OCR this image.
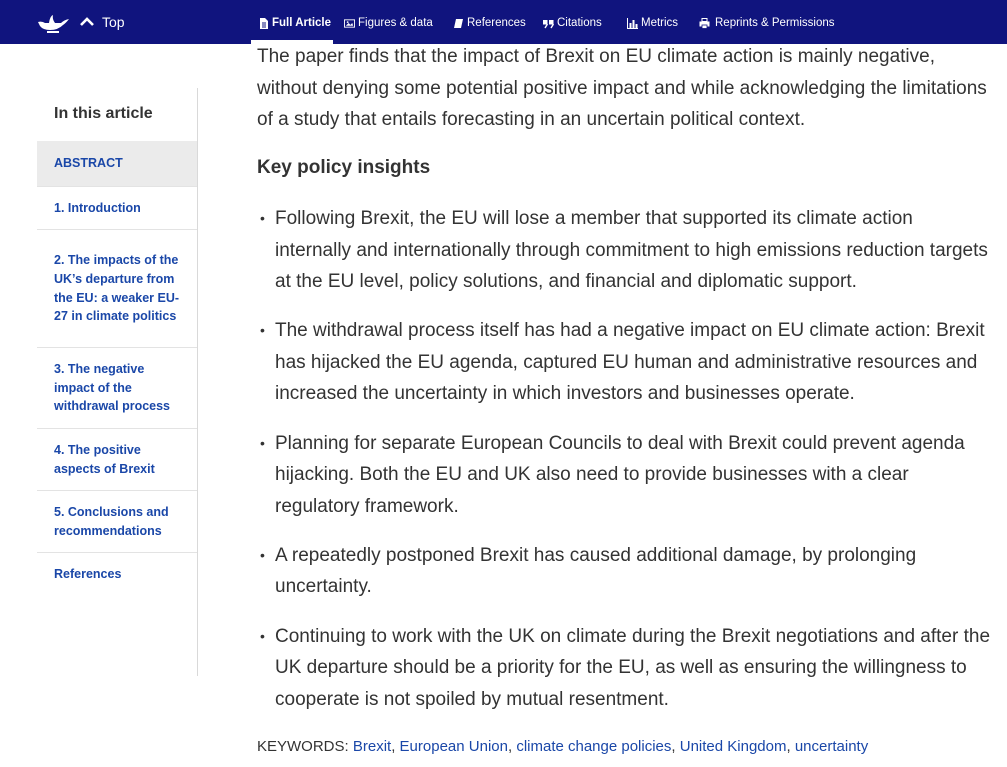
Top	Full Article Figures & data	References	Citations	Metrics	Reprints & Permissions
In this article
ABSTRACT
1. Introduction
2. The impacts of the UK’s departure from the EU: a weaker EU-27 in climate politics
3. The negative impact of the withdrawal process
4. The positive aspects of Brexit
5. Conclusions and recommendations
References

The paper finds that the impact of Brexit on EU climate action is mainly negative, without denying some potential positive impact and while acknowledging the limitations of a study that entails forecasting in an uncertain political context.

Key policy insights
• Following Brexit, the EU will lose a member that supported its climate action internally and internationally through commitment to high emissions reduction targets at the EU level, policy solutions, and financial and diplomatic support.
• The withdrawal process itself has had a negative impact on EU climate action: Brexit has hijacked the EU agenda, captured EU human and administrative resources and increased the uncertainty in which investors and businesses operate.
• Planning for separate European Councils to deal with Brexit could prevent agenda hijacking. Both the EU and UK also need to provide businesses with a clear regulatory framework.
• A repeatedly postponed Brexit has caused additional damage, by prolonging uncertainty.
• Continuing to work with the UK on climate during the Brexit negotiations and after the UK departure should be a priority for the EU, as well as ensuring the willingness to cooperate is not spoiled by mutual resentment.
KEYWORDS: Brexit, European Union, climate change policies, United Kingdom, uncertainty
